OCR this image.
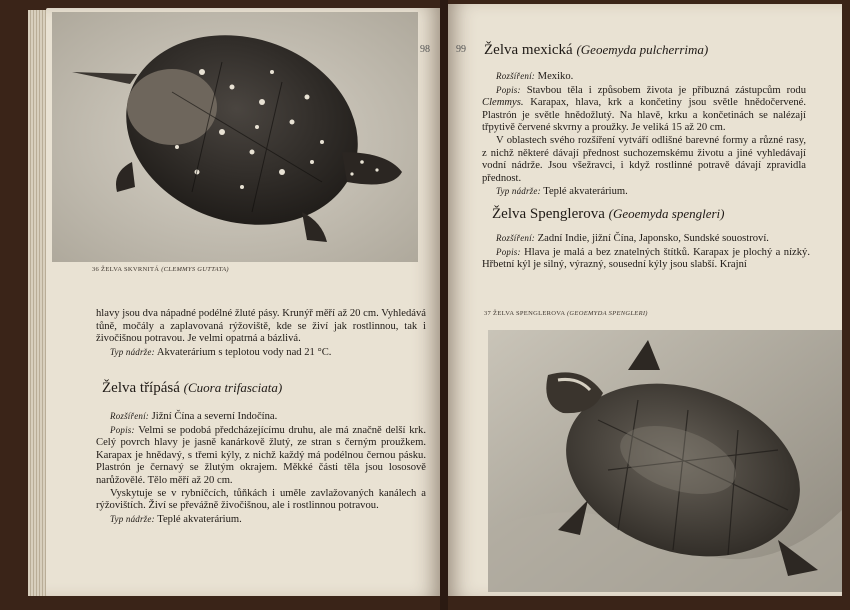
36 ŽELVA SKVRNITÁ (CLEMMYS GUTTATA)
98

hlavy jsou dva nápadné podélné žluté pásy. Krunýř měří až 20 cm. Vyhledává tůně, močály a zaplavovaná rýžoviště, kde se živí jak rostlinnou, tak i živočišnou potravou. Je velmi opatrná a bázlivá.

Typ nádrže: Akvaterárium s teplotou vody nad 21 °C.

Želva třípásá (Cuora trifasciata)

Rozšíření: Jižní Čína a severní Indočína.

Popis: Velmi se podobá předcházejícímu druhu, ale má značně delší krk. Celý povrch hlavy je jasně kanárkově žlutý, ze stran s černým proužkem. Karapax je hnědavý, s třemi kýly, z nichž každý má podélnou černou pásku. Plastrón je černavý se žlutým okrajem. Měkké části těla jsou lososově narůžovělé. Tělo měří až 20 cm.

Vyskytuje se v rybníčcích, tůňkách i uměle zavlažovaných kanálech a rýžovištích. Živí se převážně živočišnou, ale i rostlinnou potravou.

Typ nádrže: Teplé akvaterárium.

99 Želva mexická (Geoemyda pulcherrima)

Rozšíření: Mexiko.

Popis: Stavbou těla i způsobem života je příbuzná zástupcům rodu Clemmys. Karapax, hlava, krk a končetiny jsou světle hnědočervené. Plastrón je světle hnědožlutý. Na hlavě, krku a končetinách se nalézají třpytivě červené skvrny a proužky. Je veliká 15 až 20 cm.

V oblastech svého rozšíření vytváří odlišné barevné formy a různé rasy, z nichž některé dávají přednost suchozemskému životu a jiné vyhledávají vodní nádrže. Jsou všežravci, i když rostlinné potravě dávají zpravidla přednost.

Typ nádrže: Teplé akvaterárium.

Želva Spenglerova (Geoemyda spengleri)

Rozšíření: Zadní Indie, jižní Čína, Japonsko, Sundské souostroví.

Popis: Hlava je malá a bez znatelných štítků. Karapax je plochý a nízký. Hřbetní kýl je silný, výrazný, sousední kýly jsou slabší. Krajní

37 ŽELVA SPENGLEROVA (GEOEMYDA SPENGLERI)
